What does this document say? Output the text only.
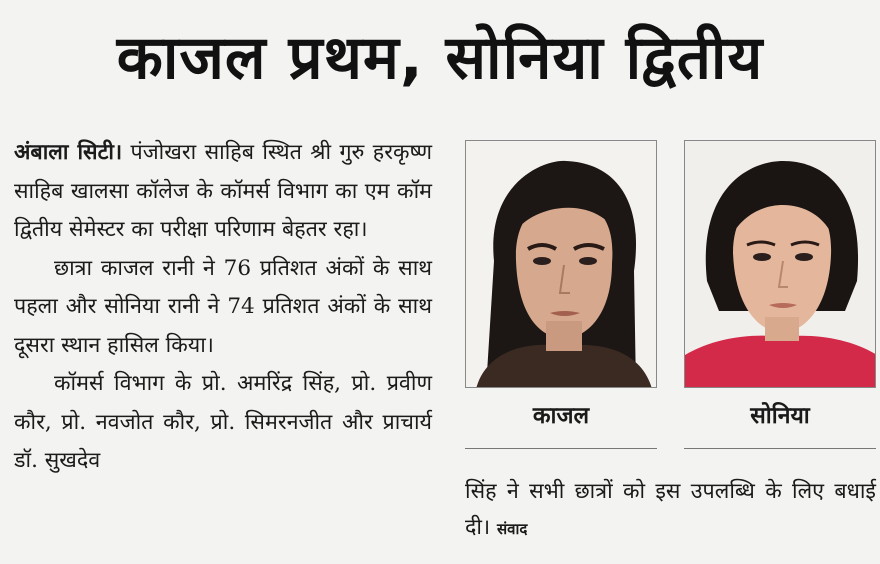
काजल प्रथम, सोनिया द्वितीय

अंबाला सिटी। पंजोखरा साहिब स्थित श्री गुरु हरकृष्ण साहिब खालसा कॉलेज के कॉमर्स विभाग का एम कॉम द्वितीय सेमेस्टर का परीक्षा परिणाम बेहतर रहा।

छात्रा काजल रानी ने 76 प्रतिशत अंकों के साथ पहला और सोनिया रानी ने 74 प्रतिशत अंकों के साथ दूसरा स्थान हासिल किया।

कॉमर्स विभाग के प्रो. अमरिंद्र सिंह, प्रो. प्रवीण कौर, प्रो. नवजोत कौर, प्रो. सिमरनजीत और प्राचार्य डॉ. सुखदेव

काजल	सोनिया

सिंह ने सभी छात्रों को इस उपलब्धि के लिए बधाई दी। संवाद
